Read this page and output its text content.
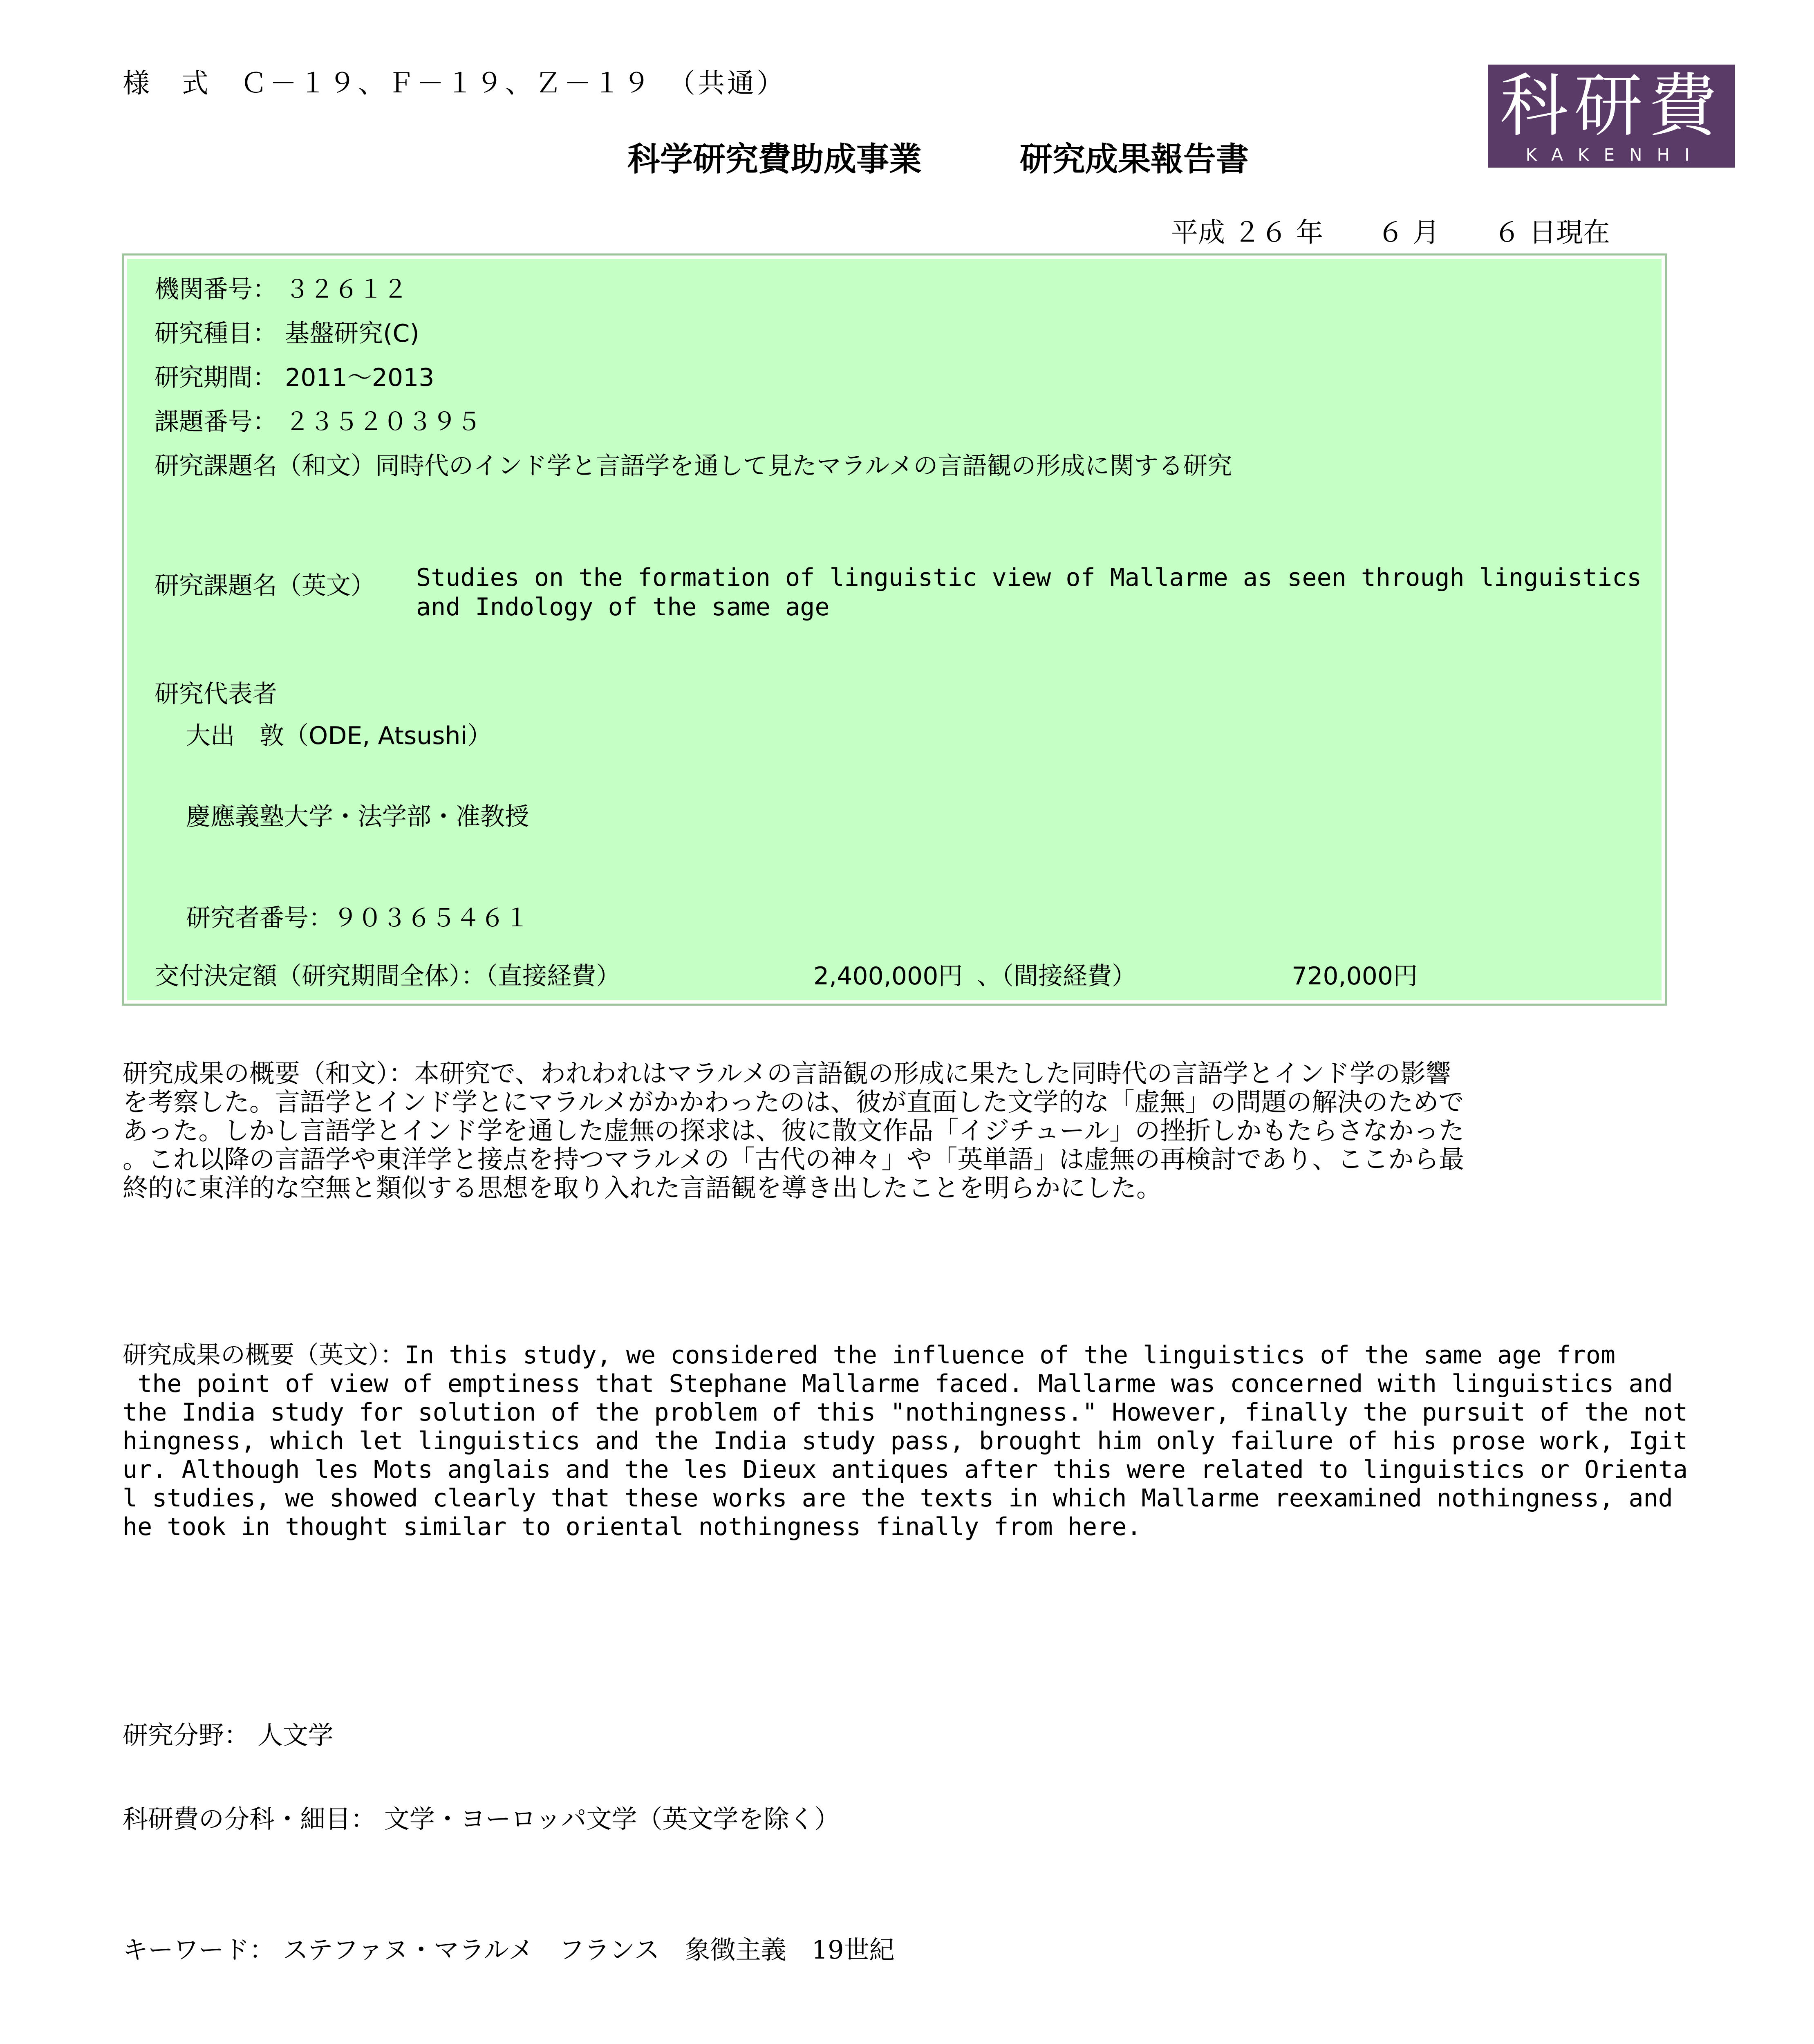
様　式　Ｃ－１９、Ｆ－１９、Ｚ－１９　（共通）
科学研究費助成事業　　　研究成果報告書
科研費
KAKENHI
平成 ２６ 年　　６ 月　　６ 日現在
機関番号： ３２６１２
研究種目： 基盤研究(C)
研究期間： 2011～2013
課題番号： ２３５２０３９５
研究課題名（和文）同時代のインド学と言語学を通して見たマラルメの言語観の形成に関する研究
研究課題名（英文） Studies on the formation of linguistic view of Mallarme as seen through linguistics
and Indology of the same age
研究代表者
大出　敦（ODE, Atsushi）
慶應義塾大学・法学部・准教授
研究者番号：９０３６５４６１
交付決定額（研究期間全体）：（直接経費）	2,400,000円 、（間接経費）	720,000円
研究成果の概要（和文）：本研究で、われわれはマラルメの言語観の形成に果たした同時代の言語学とインド学の影響
を考察した。言語学とインド学とにマラルメがかかわったのは、彼が直面した文学的な「虚無」の問題の解決のためで
あった。しかし言語学とインド学を通した虚無の探求は、彼に散文作品「イジチュール」の挫折しかもたらさなかった
。これ以降の言語学や東洋学と接点を持つマラルメの「古代の神々」や「英単語」は虚無の再検討であり、ここから最
終的に東洋的な空無と類似する思想を取り入れた言語観を導き出したことを明らかにした。
研究成果の概要（英文）：In this study, we considered the influence of the linguistics of the same age from
the point of view of emptiness that Stephane Mallarme faced. Mallarme was concerned with linguistics and
the India study for solution of the problem of this "nothingness." However, finally the pursuit of the not
hingness, which let linguistics and the India study pass, brought him only failure of his prose work, Igit
ur. Although les Mots anglais and the les Dieux antiques after this were related to linguistics or Orienta
l studies, we showed clearly that these works are the texts in which Mallarme reexamined nothingness, and
he took in thought similar to oriental nothingness finally from here.
研究分野： 人文学
科研費の分科・細目： 文学・ヨーロッパ文学（英文学を除く）
キーワード： ステファヌ・マラルメ　フランス　象徴主義　19世紀
